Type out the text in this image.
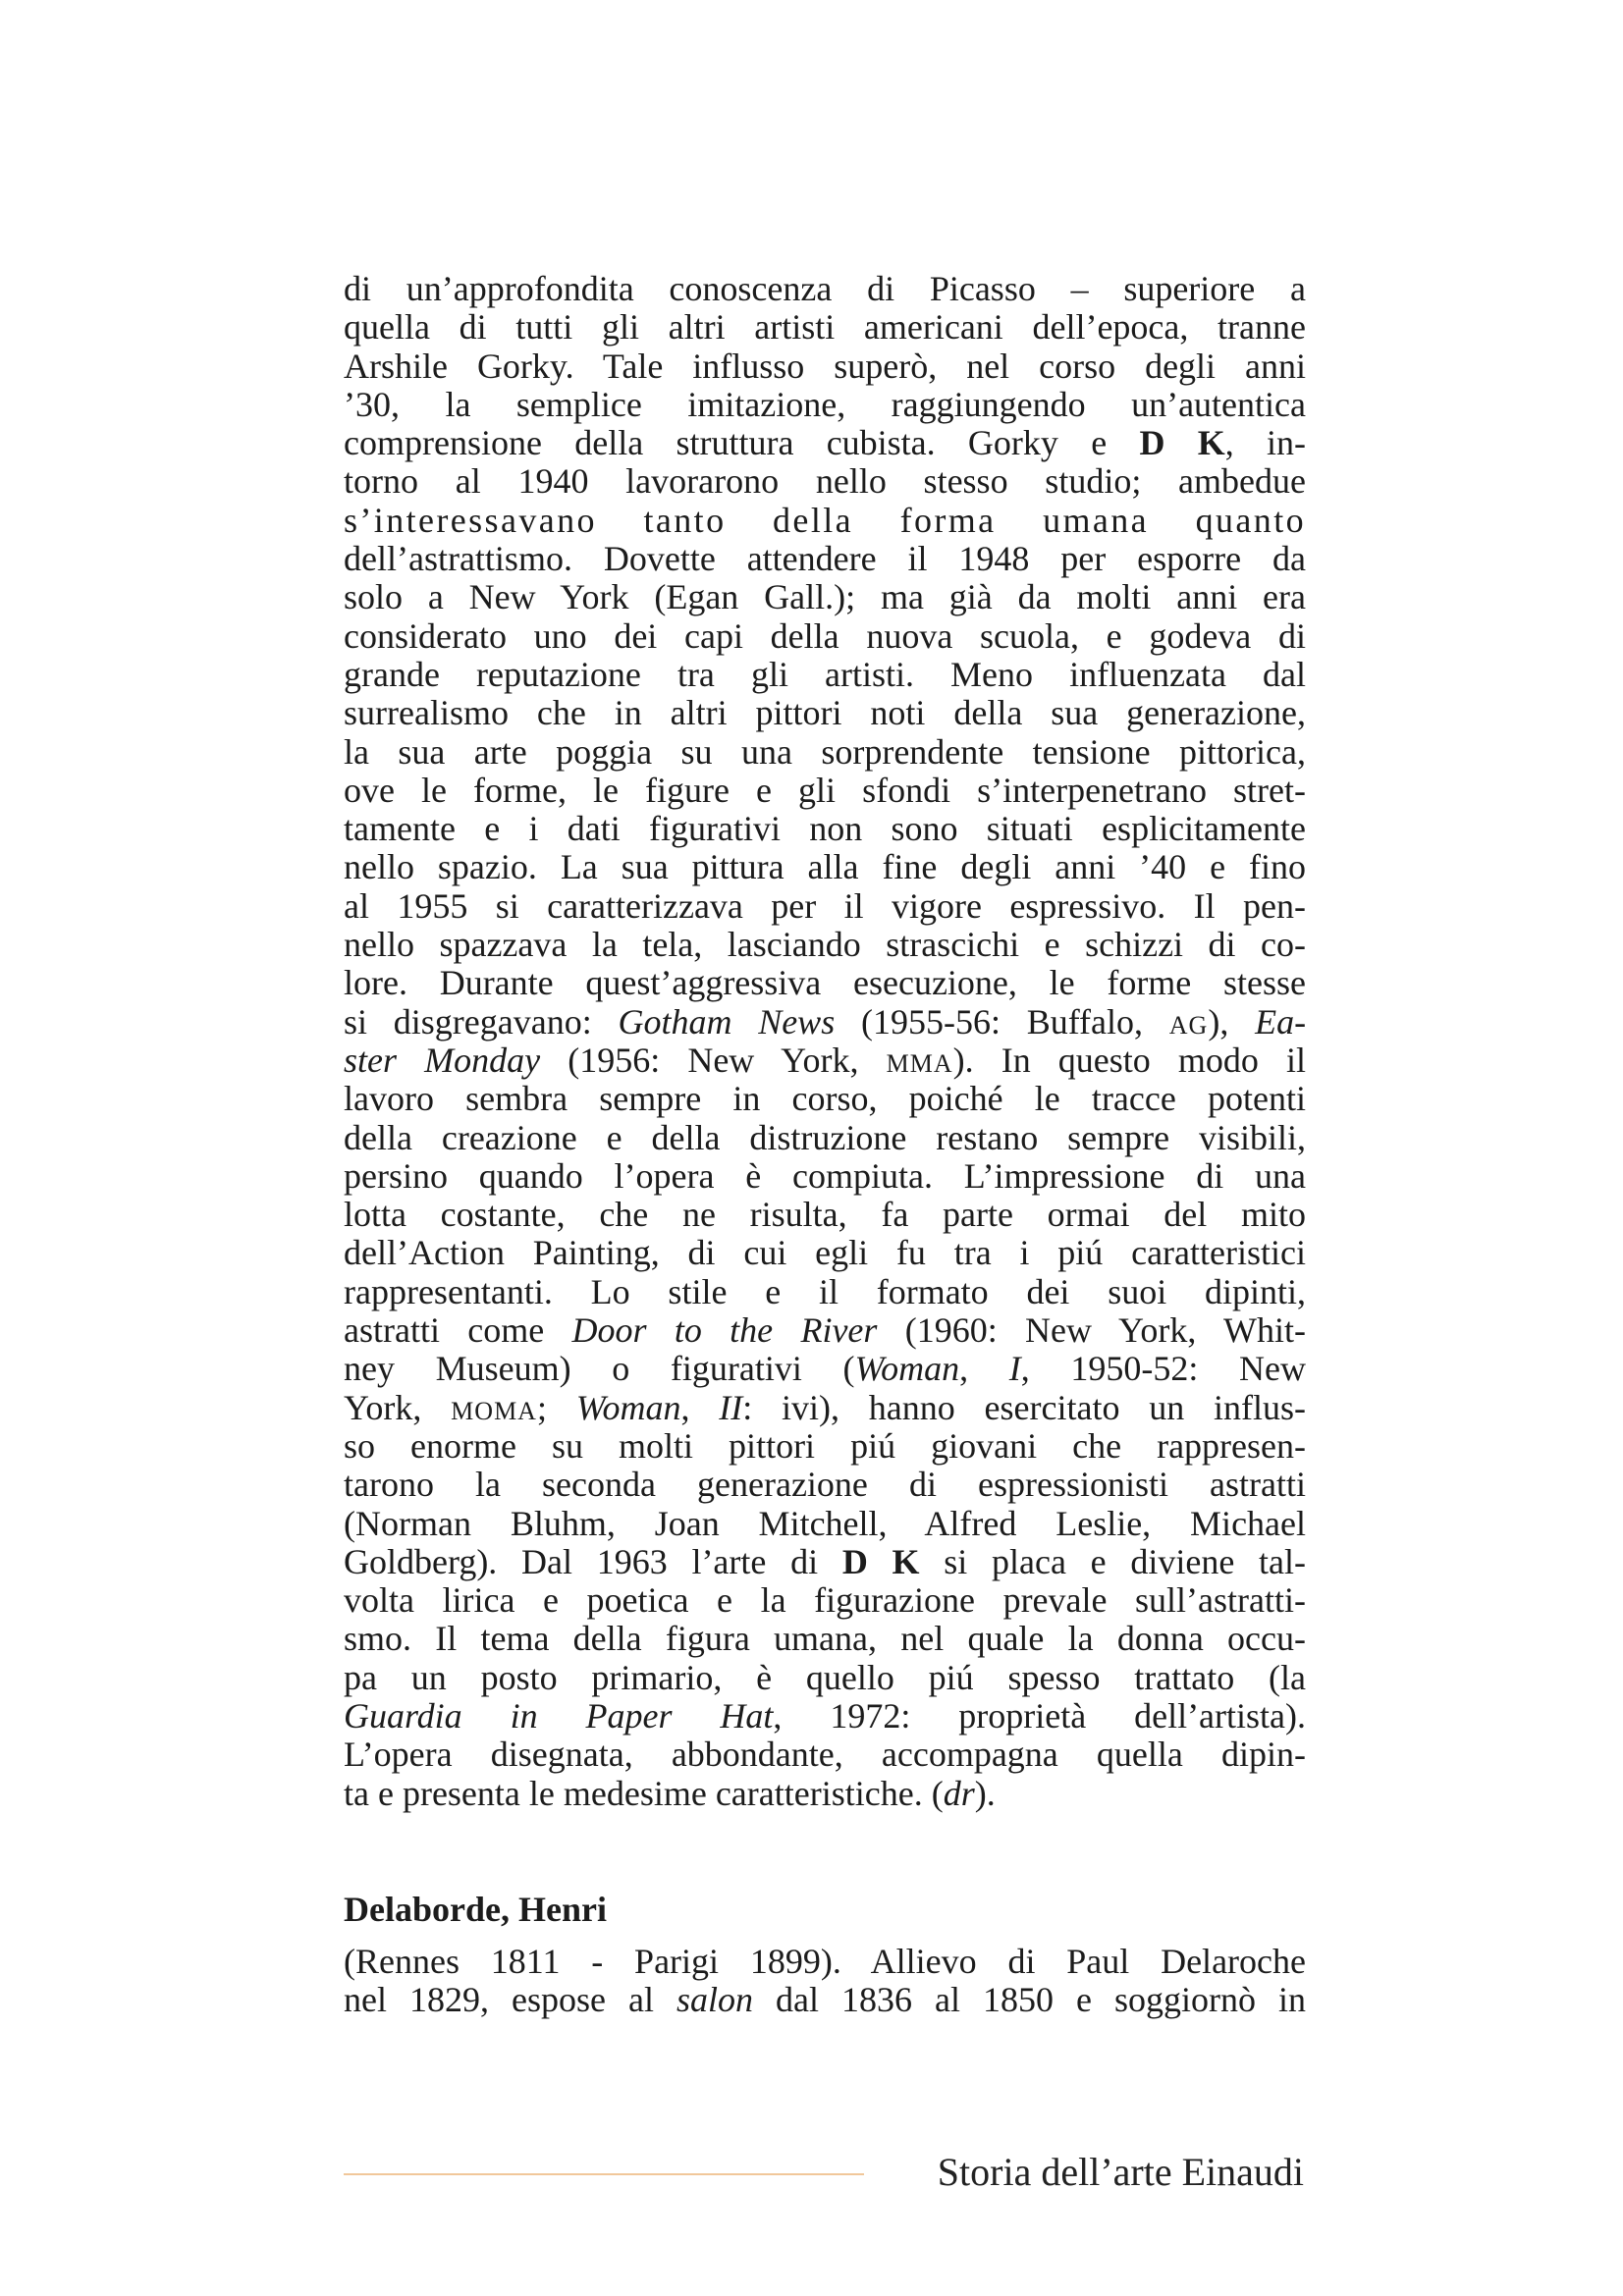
di un’approfondita conoscenza di Picasso – superiore a
quella di tutti gli altri artisti americani dell’epoca, tranne
Arshile Gorky. Tale influsso superò, nel corso degli anni
’30, la semplice imitazione, raggiungendo un’autentica
comprensione della struttura cubista. Gorky e D K, in-
torno al 1940 lavorarono nello stesso studio; ambedue
s’interessavano tanto della forma umana quanto
dell’astrattismo. Dovette attendere il 1948 per esporre da
solo a New York (Egan Gall.); ma già da molti anni era
considerato uno dei capi della nuova scuola, e godeva di
grande reputazione tra gli artisti. Meno influenzata dal
surrealismo che in altri pittori noti della sua generazione,
la sua arte poggia su una sorprendente tensione pittorica,
ove le forme, le figure e gli sfondi s’interpenetrano stret-
tamente e i dati figurativi non sono situati esplicitamente
nello spazio. La sua pittura alla fine degli anni ’40 e fino
al 1955 si caratterizzava per il vigore espressivo. Il pen-
nello spazzava la tela, lasciando strascichi e schizzi di co-
lore. Durante quest’aggressiva esecuzione, le forme stesse
si disgregavano: Gotham News (1955-56: Buffalo, AG), Ea-
ster Monday (1956: New York, MMA). In questo modo il
lavoro sembra sempre in corso, poiché le tracce potenti
della creazione e della distruzione restano sempre visibili,
persino quando l’opera è compiuta. L’impressione di una
lotta costante, che ne risulta, fa parte ormai del mito
dell’Action Painting, di cui egli fu tra i piú caratteristici
rappresentanti. Lo stile e il formato dei suoi dipinti,
astratti come Door to the River (1960: New York, Whit-
ney Museum) o figurativi (Woman, I, 1950-52: New
York, MOMA; Woman, II: ivi), hanno esercitato un influs-
so enorme su molti pittori piú giovani che rappresen-
tarono la seconda generazione di espressionisti astratti
(Norman Bluhm, Joan Mitchell, Alfred Leslie, Michael
Goldberg). Dal 1963 l’arte di D K si placa e diviene tal-
volta lirica e poetica e la figurazione prevale sull’astratti-
smo. Il tema della figura umana, nel quale la donna occu-
pa un posto primario, è quello piú spesso trattato (la
Guardia in Paper Hat, 1972: proprietà dell’artista).
L’opera disegnata, abbondante, accompagna quella dipin-
ta e presenta le medesime caratteristiche. (dr).
Delaborde, Henri
(Rennes 1811 - Parigi 1899). Allievo di Paul Delaroche
nel 1829, espose al salon dal 1836 al 1850 e soggiornò in
Storia dell’arte Einaudi
